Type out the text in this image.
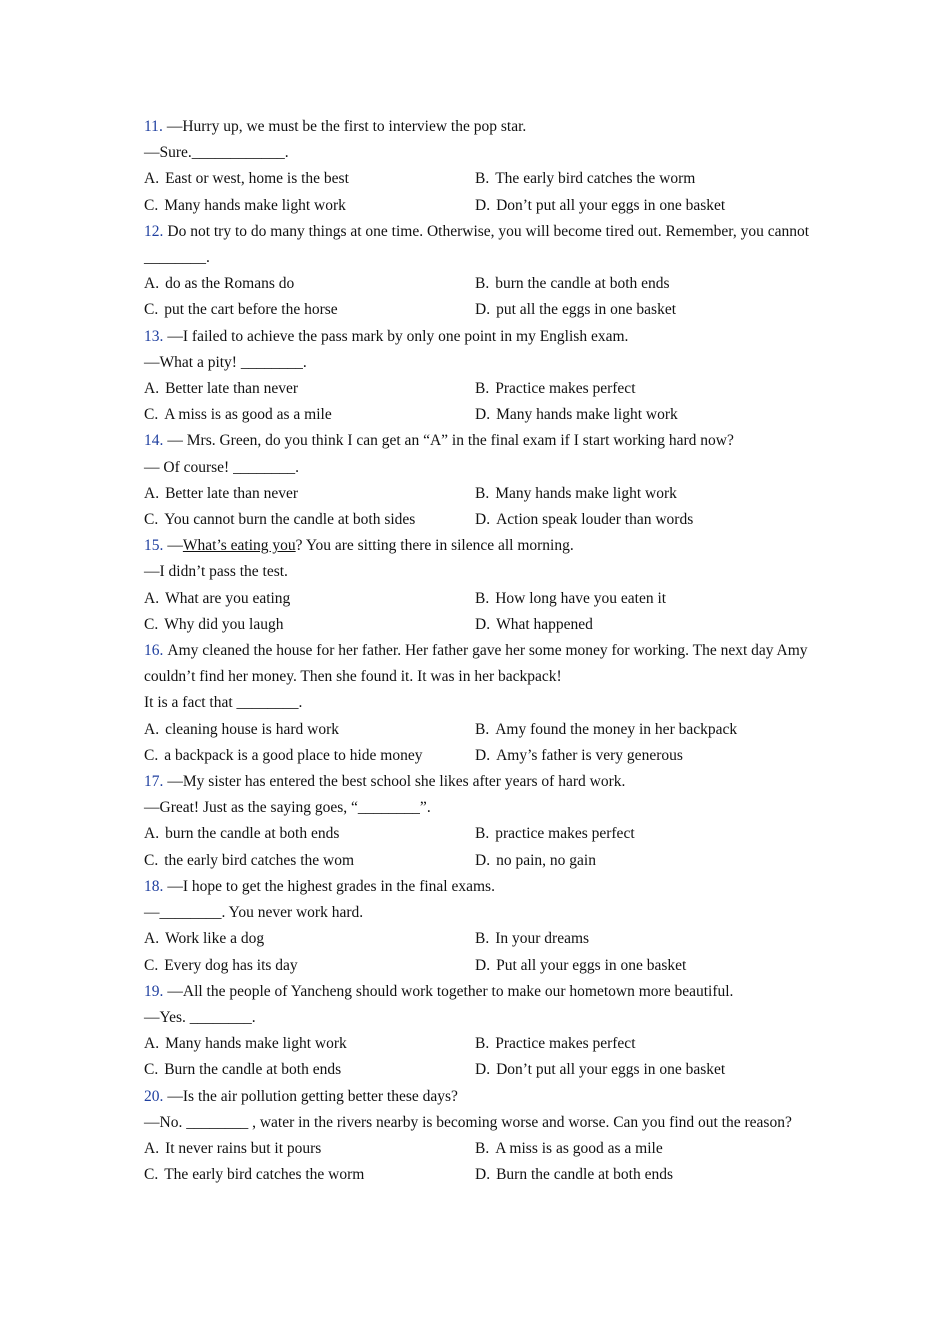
11. —Hurry up, we must be the first to interview the pop star.
—Sure.____________.
A. East or west, home is the best	B. The early bird catches the worm
C. Many hands make light work	D. Don’t put all your eggs in one basket
12. Do not try to do many things at one time. Otherwise, you will become tired out. Remember, you cannot ________.
A. do as the Romans do	B. burn the candle at both ends
C. put the cart before the horse	D. put all the eggs in one basket
13. —I failed to achieve the pass mark by only one point in my English exam.
—What a pity! ________.
A. Better late than never	B. Practice makes perfect
C. A miss is as good as a mile	D. Many hands make light work
14. — Mrs. Green, do you think I can get an “A” in the final exam if I start working hard now?
— Of course! ________.
A. Better late than never	B. Many hands make light work
C. You cannot burn the candle at both sides	D. Action speak louder than words
15. —What’s eating you? You are sitting there in silence all morning.
—I didn’t pass the test.
A. What are you eating	B. How long have you eaten it
C. Why did you laugh	D. What happened
16. Amy cleaned the house for her father. Her father gave her some money for working. The next day Amy couldn’t find her money. Then she found it. It was in her backpack!
It is a fact that ________.
A. cleaning house is hard work	B. Amy found the money in her backpack
C. a backpack is a good place to hide money	D. Amy’s father is very generous
17. —My sister has entered the best school she likes after years of hard work.
—Great! Just as the saying goes, “________”.
A. burn the candle at both ends	B. practice makes perfect
C. the early bird catches the wom	D. no pain, no gain
18. —I hope to get the highest grades in the final exams.
—________. You never work hard.
A. Work like a dog	B. In your dreams
C. Every dog has its day	D. Put all your eggs in one basket
19. —All the people of Yancheng should work together to make our hometown more beautiful.
—Yes. ________.
A. Many hands make light work	B. Practice makes perfect
C. Burn the candle at both ends	D. Don’t put all your eggs in one basket
20. —Is the air pollution getting better these days?
—No. ________ , water in the rivers nearby is becoming worse and worse. Can you find out the reason?
A. It never rains but it pours	B. A miss is as good as a mile
C. The early bird catches the worm	D. Burn the candle at both ends
